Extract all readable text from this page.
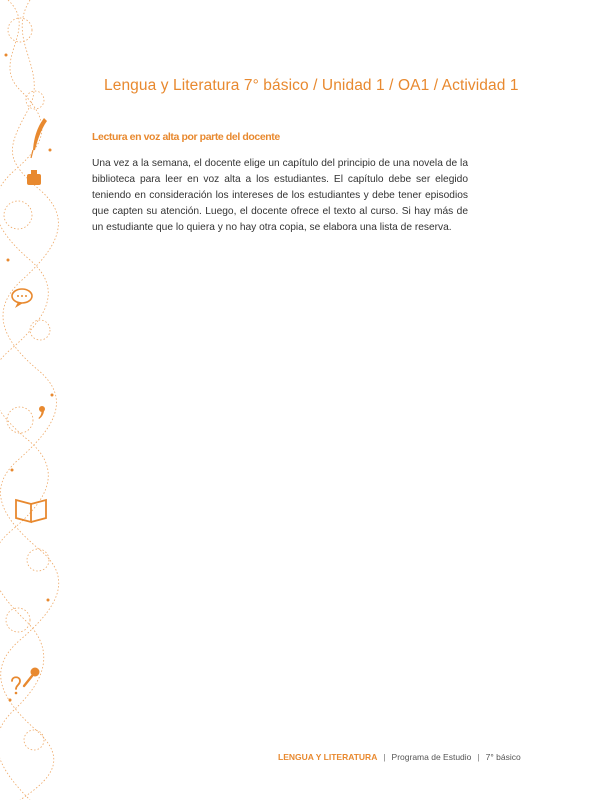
Lengua y Literatura 7° básico / Unidad 1 / OA1 / Actividad 1
Lectura en voz alta por parte del docente

Una vez a la semana, el docente elige un capítulo del principio de una novela de la biblioteca para leer en voz alta a los estudiantes. El capítulo debe ser elegido teniendo en consideración los intereses de los estudiantes y debe tener episodios que capten su atención. Luego, el docente ofrece el texto al curso. Si hay más de un estudiante que lo quiera y no hay otra copia, se elabora una lista de reserva.

LENGUA Y LITERATURA | Programa de Estudio | 7° básico
